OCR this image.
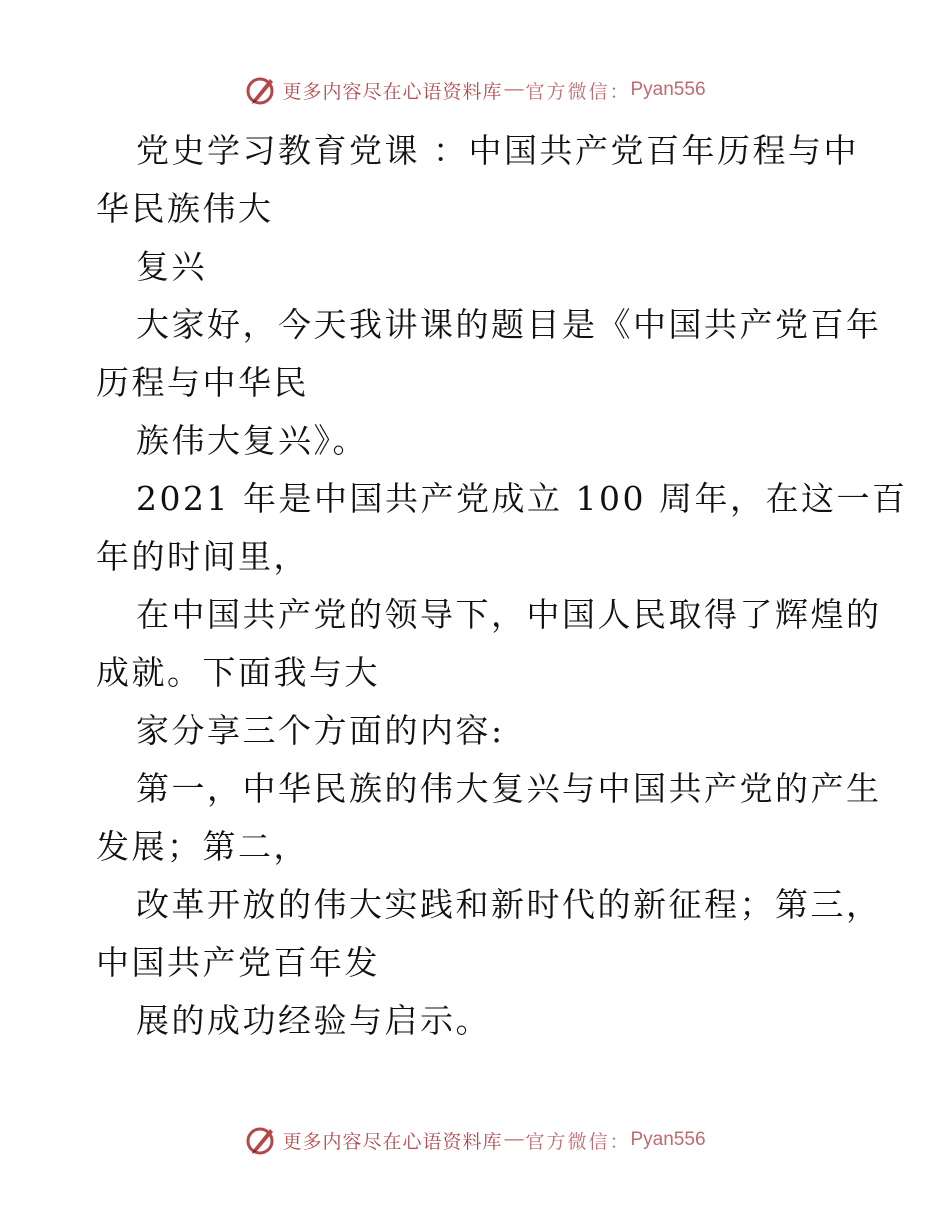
更多内容尽在心语资料库 — 官方微信： Pyan556
党史学习教育党课 ：中国共产党百年历程与中
华民族伟大
复兴
大家好，今天我讲课的题目是《中国共产党百年
历程与中华民
族伟大复兴》。
2021 年是中国共产党成立 100 周年，在这一百
年的时间里，
在中国共产党的领导下，中国人民取得了辉煌的
成就。下面我与大
家分享三个方面的内容:
第一，中华民族的伟大复兴与中国共产党的产生
发展；第二，
改革开放的伟大实践和新时代的新征程；第三，
中国共产党百年发
展的成功经验与启示。
更多内容尽在心语资料库 — 官方微信： Pyan556
